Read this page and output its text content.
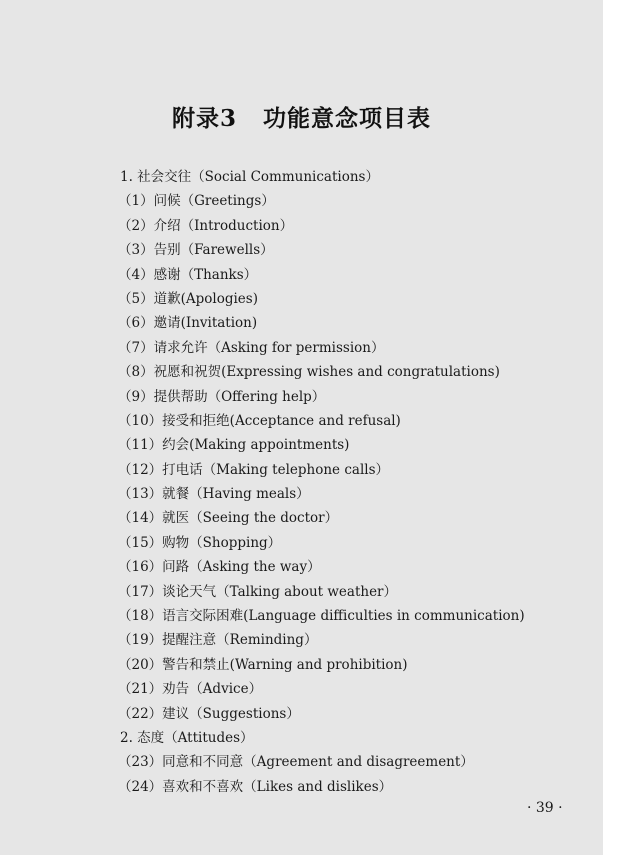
附录3 功能意念项目表
1. 社会交往（Social Communications）
（1）问候（Greetings）
（2）介绍（Introduction）
（3）告别（Farewells）
（4）感谢（Thanks）
（5）道歉(Apologies)
（6）邀请(Invitation)
（7）请求允许（Asking for permission）
（8）祝愿和祝贺(Expressing wishes and congratulations)
（9）提供帮助（Offering help）
（10）接受和拒绝(Acceptance and refusal)
（11）约会(Making appointments)
（12）打电话（Making telephone calls）
（13）就餐（Having meals）
（14）就医（Seeing the doctor）
（15）购物（Shopping）
（16）问路（Asking the way）
（17）谈论天气（Talking about weather）
（18）语言交际困难(Language difficulties in communication)
（19）提醒注意（Reminding）
（20）警告和禁止(Warning and prohibition)
（21）劝告（Advice）
（22）建议（Suggestions）
2. 态度（Attitudes）
（23）同意和不同意（Agreement and disagreement）
（24）喜欢和不喜欢（Likes and dislikes）
· 39 ·
